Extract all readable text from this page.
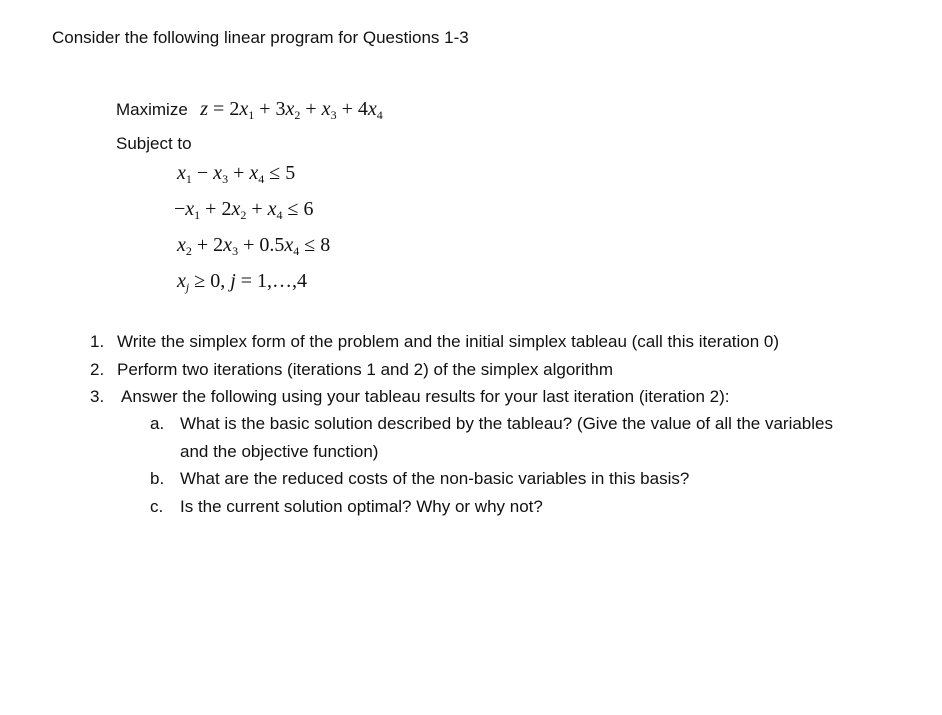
Consider the following linear program for Questions 1-3
Maximize $z = 2x_1 + 3x_2 + x_3 + 4x_4$
Subject to
$x_1 - x_3 + x_4 \le 5$
$-x_1 + 2x_2 + x_4 \le 6$
$x_2 + 2x_3 + 0.5x_4 \le 8$
$x_j \ge 0$, j = 1,…,4
1. Write the simplex form of the problem and the initial simplex tableau (call this iteration 0)
2. Perform two iterations (iterations 1 and 2) of the simplex algorithm
3. Answer the following using your tableau results for your last iteration (iteration 2):
a. What is the basic solution described by the tableau? (Give the value of all the variables
and the objective function)
b. What are the reduced costs of the non-basic variables in this basis?
c. Is the current solution optimal? Why or why not?
